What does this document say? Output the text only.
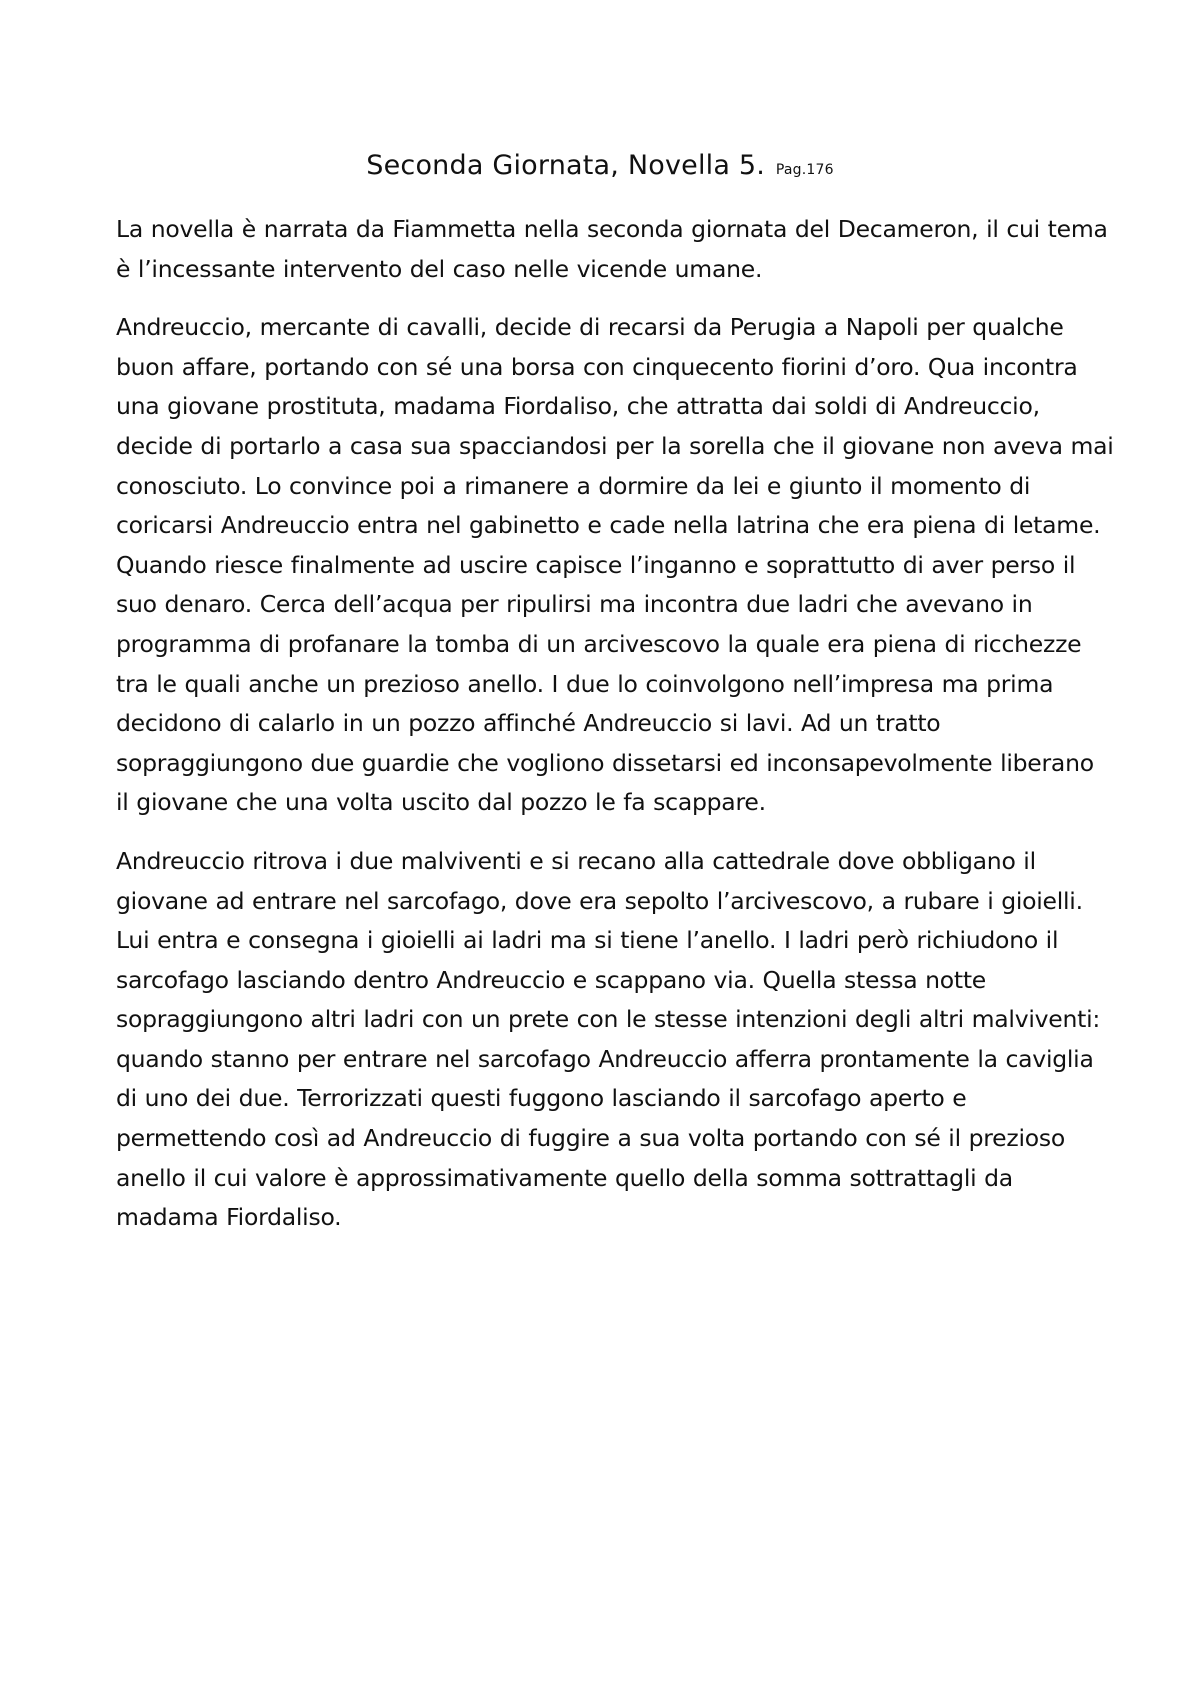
Seconda Giornata, Novella 5. Pag.176
La novella è narrata da Fiammetta nella seconda giornata del Decameron, il cui tema
è l’incessante intervento del caso nelle vicende umane.
Andreuccio, mercante di cavalli, decide di recarsi da Perugia a Napoli per qualche
buon affare, portando con sé una borsa con cinquecento fiorini d’oro. Qua incontra
una giovane prostituta, madama Fiordaliso, che attratta dai soldi di Andreuccio,
decide di portarlo a casa sua spacciandosi per la sorella che il giovane non aveva mai
conosciuto. Lo convince poi a rimanere a dormire da lei e giunto il momento di
coricarsi Andreuccio entra nel gabinetto e cade nella latrina che era piena di letame.
Quando riesce finalmente ad uscire capisce l’inganno e soprattutto di aver perso il
suo denaro. Cerca dell’acqua per ripulirsi ma incontra due ladri che avevano in
programma di profanare la tomba di un arcivescovo la quale era piena di ricchezze
tra le quali anche un prezioso anello. I due lo coinvolgono nell’impresa ma prima
decidono di calarlo in un pozzo affinché Andreuccio si lavi. Ad un tratto
sopraggiungono due guardie che vogliono dissetarsi ed inconsapevolmente liberano
il giovane che una volta uscito dal pozzo le fa scappare.
Andreuccio ritrova i due malviventi e si recano alla cattedrale dove obbligano il
giovane ad entrare nel sarcofago, dove era sepolto l’arcivescovo, a rubare i gioielli.
Lui entra e consegna i gioielli ai ladri ma si tiene l’anello. I ladri però richiudono il
sarcofago lasciando dentro Andreuccio e scappano via. Quella stessa notte
sopraggiungono altri ladri con un prete con le stesse intenzioni degli altri malviventi:
quando stanno per entrare nel sarcofago Andreuccio afferra prontamente la caviglia
di uno dei due. Terrorizzati questi fuggono lasciando il sarcofago aperto e
permettendo così ad Andreuccio di fuggire a sua volta portando con sé il prezioso
anello il cui valore è approssimativamente quello della somma sottrattagli da
madama Fiordaliso.
